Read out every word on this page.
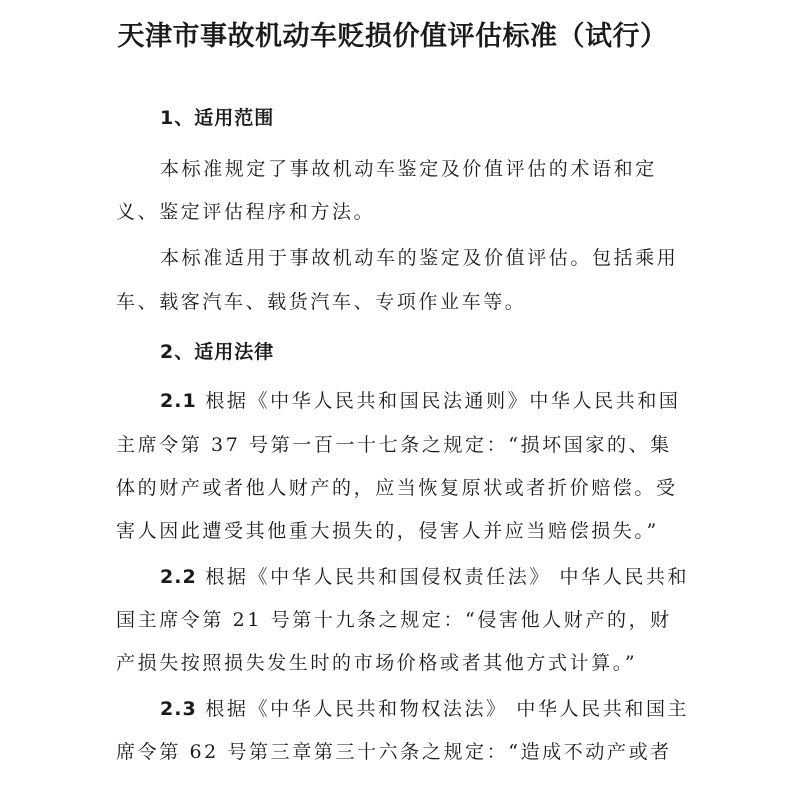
天津市事故机动车贬损价值评估标准（试行）
1、适用范围
本标准规定了事故机动车鉴定及价值评估的术语和定
义、鉴定评估程序和方法。
本标准适用于事故机动车的鉴定及价值评估。包括乘用
车、载客汽车、载货汽车、专项作业车等。
2、适用法律
2.1 根据《中华人民共和国民法通则》中华人民共和国
主席令第 37 号第一百一十七条之规定：“损坏国家的、集
体的财产或者他人财产的，应当恢复原状或者折价赔偿。受
害人因此遭受其他重大损失的，侵害人并应当赔偿损失。”
2.2 根据《中华人民共和国侵权责任法》 中华人民共和
国主席令第 21 号第十九条之规定：“侵害他人财产的，财
产损失按照损失发生时的市场价格或者其他方式计算。”
2.3 根据《中华人民共和物权法法》 中华人民共和国主
席令第 62 号第三章第三十六条之规定：“造成不动产或者
